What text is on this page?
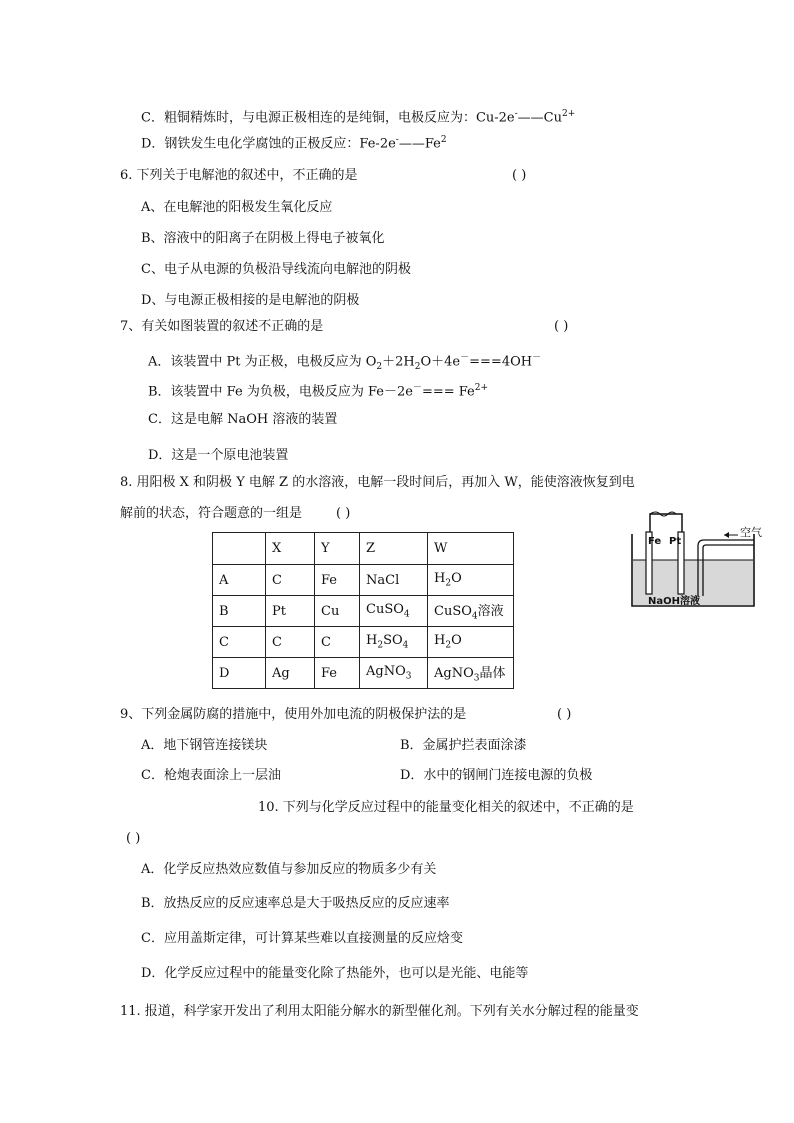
C．粗铜精炼时，与电源正极相连的是纯铜，电极反应为：$Cu-2e^-——Cu^{2+}$
D．钢铁发生电化学腐蚀的正极反应：Fe-2e-——Fe$^2$
6. 下列关于电解池的叙述中，不正确的是	( )
A、在电解池的阳极发生氧化反应
B、溶液中的阳离子在阴极上得电子被氧化
C、电子从电源的负极沿导线流向电解池的阴极
D、与电源正极相接的是电解池的阴极
7、有关如图装置的叙述不正确的是	( )
A．该装置中 Pt 为正极，电极反应为 $O_2+2H_2O+4e^-===4OH^-$
B．该装置中 Fe 为负极，电极反应为 $Fe-2e^-=== Fe^{2+}$
C．这是电解 NaOH 溶液的装置
D．这是一个原电池装置
8. 用阳极 X 和阴极 Y 电解 Z 的水溶液，电解一段时间后，再加入 W，能使溶液恢复到电
解前的状态，符合题意的一组是	( )
	X	Y	Z	W
A	C	Fe	NaCl	$H_2O$
B	Pt	Cu	CuSO$_4$	CuSO$_4$溶液
C	C	C	$H_2SO_4$	$H_2O$
D	Ag	Fe	AgNO$_3$	AgNO$_3$晶体
Fe Pt
空气
NaOH溶液
9、下列金属防腐的措施中，使用外加电流的阴极保护法的是	( )
A．地下钢管连接镁块	B．金属护拦表面涂漆
C．枪炮表面涂上一层油	D．水中的钢闸门连接电源的负极
10. 下列与化学反应过程中的能量变化相关的叙述中，不正确的是
( )
A．化学反应热效应数值与参加反应的物质多少有关
B．放热反应的反应速率总是大于吸热反应的反应速率
C．应用盖斯定律，可计算某些难以直接测量的反应焓变
D．化学反应过程中的能量变化除了热能外，也可以是光能、电能等
11. 报道，科学家开发出了利用太阳能分解水的新型催化剂。下列有关水分解过程的能量变
